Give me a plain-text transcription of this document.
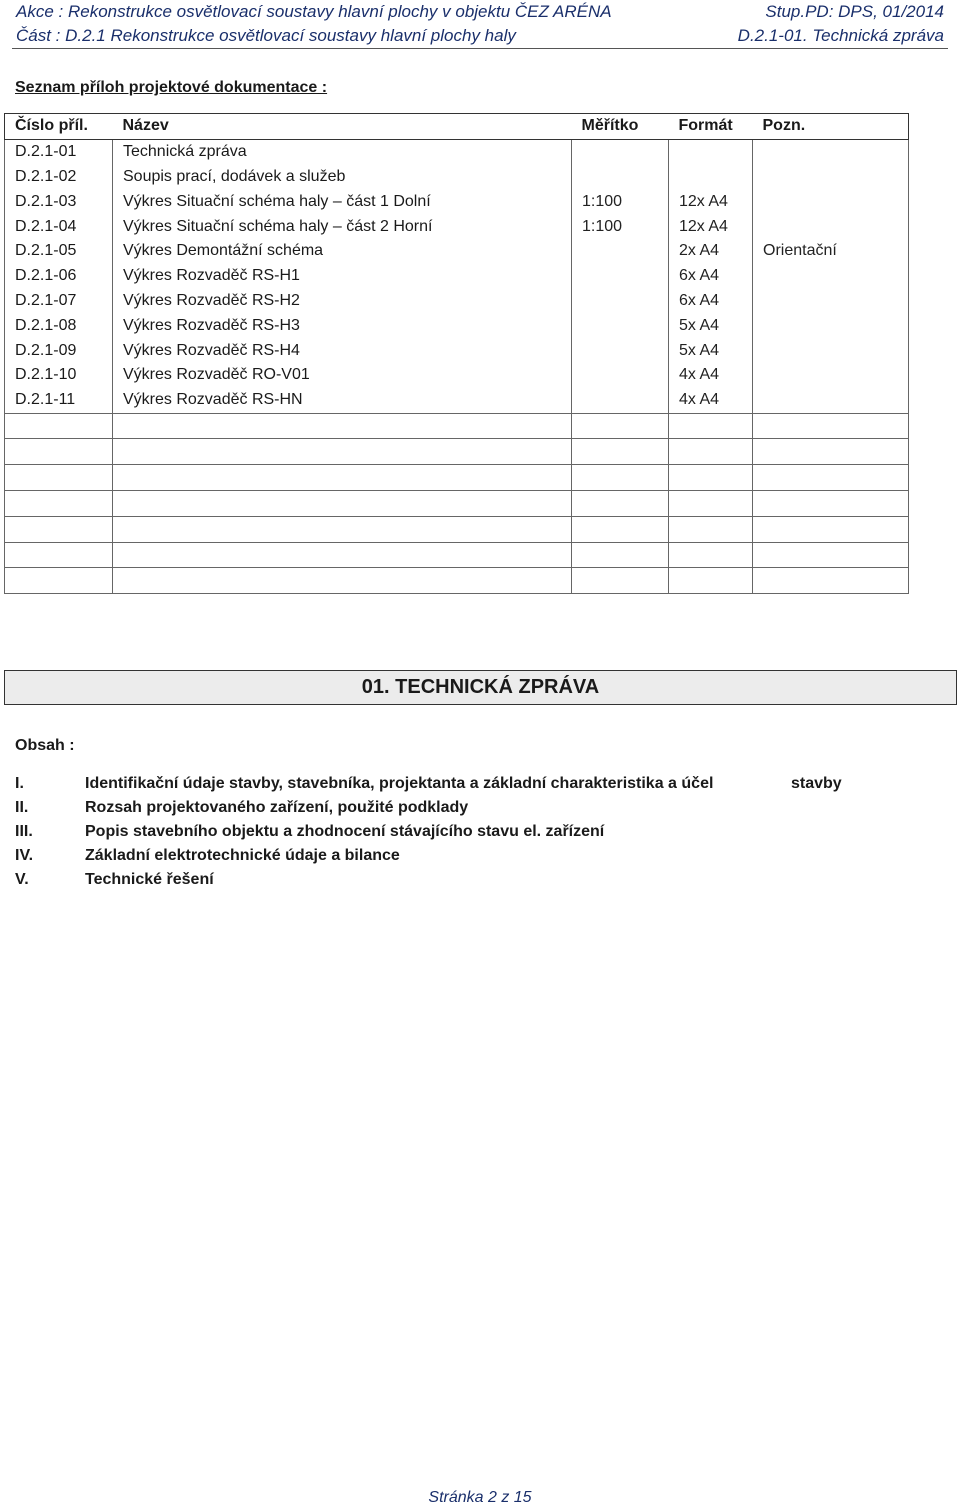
Akce : Rekonstrukce osvětlovací soustavy hlavní plochy v objektu ČEZ ARÉNA	Stup.PD: DPS, 01/2014
Část : D.2.1 Rekonstrukce osvětlovací soustavy hlavní plochy haly	D.2.1-01. Technická zpráva
Seznam příloh projektové dokumentace :
Číslo příl.	Název	Měřítko	Formát	Pozn.
D.2.1-01	Technická zpráva			
D.2.1-02	Soupis prací, dodávek a služeb			
D.2.1-03	Výkres Situační schéma haly – část 1 Dolní	1:100	12x A4	
D.2.1-04	Výkres Situační schéma haly – část 2 Horní	1:100	12x A4	
D.2.1-05	Výkres Demontážní schéma		2x A4	Orientační
D.2.1-06	Výkres Rozvaděč RS-H1		6x A4	
D.2.1-07	Výkres Rozvaděč RS-H2		6x A4	
D.2.1-08	Výkres Rozvaděč RS-H3		5x A4	
D.2.1-09	Výkres Rozvaděč RS-H4		5x A4	
D.2.1-10	Výkres Rozvaděč RO-V01		4x A4	
D.2.1-11	Výkres Rozvaděč RS-HN		4x A4	

01. TECHNICKÁ ZPRÁVA
Obsah :
I.	Identifikační údaje stavby, stavebníka, projektanta a základní charakteristika a účel	stavby
II.	Rozsah projektovaného zařízení, použité podklady
III.	Popis stavebního objektu a zhodnocení stávajícího stavu el. zařízení
IV.	Základní elektrotechnické údaje a bilance
V.	Technické řešení
Stránka 2 z 15
